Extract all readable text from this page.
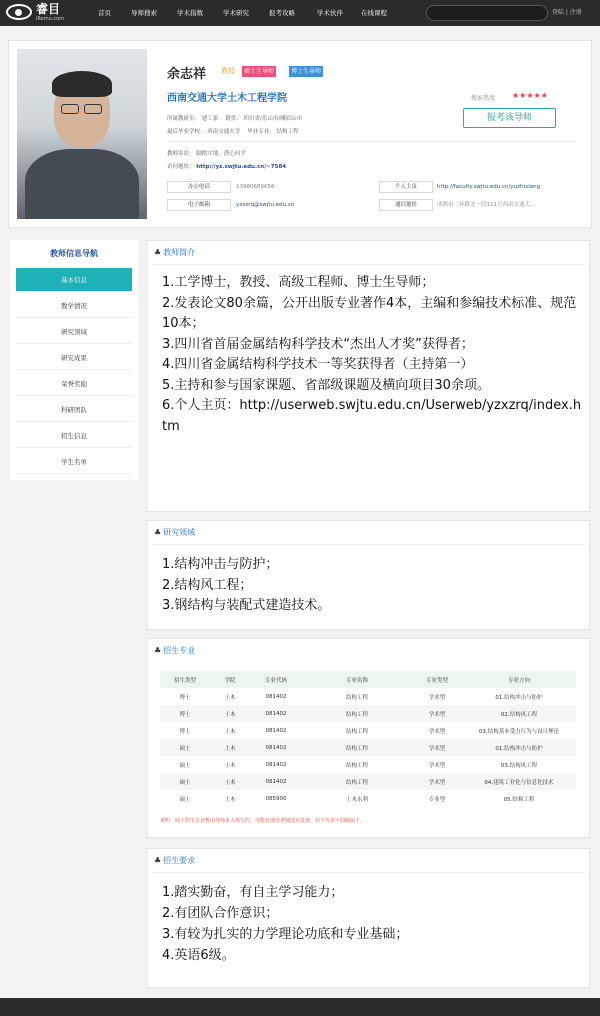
睿目
iRemu.com
首页	导师搜索	学术指数	学术研究	报考攻略	学术伙伴	在线课程	登陆 | 注册
余志祥 教授	硕士生导师	博士生导师
西南交通大学土木工程学院	搜索热度 ★★★★★
报考该导师
所属教研室： 建工系 籍贯： 四川省/乐山市/峨眉山市
最后毕业学校： 西南交通大学 毕业专业： 结构工程
教师寄语： 脚踏实地、潜心向学
访问地址： http://yz.swjtu.edu.cn/~7584
办公电话	13980689658	个人主页	http://faculty.swjtu.edu.cn/yuzhixiang
电子邮箱	yzxzrq@swjtu.edu.cn	通信地址	成都市二环路北一段111号西南交通大...
教师信息导航
基本信息
教学情况
研究领域
研究成果
荣誉奖励
科研团队
招生信息
学生名单
♣ 教师简介
1.工学博士，教授、高级工程师、博士生导师；
2.发表论文80余篇，公开出版专业著作4本，主编和参编技术标准、规范10本；
3.四川省首届金属结构科学技术“杰出人才奖”获得者；
4.四川省金属结构科学技术一等奖获得者（主持第一）
5.主持和参与国家课题、省部级课题及横向项目30余项。
6.个人主页：http://userweb.swjtu.edu.cn/Userweb/yzxzrq/index.htm
♣ 研究领域
1.结构冲击与防护；
2.结构风工程；
3.钢结构与装配式建造技术。
♣ 招生专业
招生类型	学院	专业代码	专业名称	专业类型	专业方向
博士	土木	081402	结构工程	学术型	01.结构冲击与防护
博士	土木	081402	结构工程	学术型	02.结构风工程
博士	土木	081402	结构工程	学术型	03.结构基本受力行为与设计理论
硕士	土木	081402	结构工程	学术型	01.结构冲击与防护
硕士	土木	081402	结构工程	学术型	03.结构风工程
硕士	土木	081402	结构工程	学术型	04.建筑工业化与信息化技术
硕士	土木	085900	土木水利	专业型	05.结构工程
说明：硕士招生专业暂由导师本人填写的，可能有部分老师没有设置，但不代表不招收硕士。
♣ 招生要求
1.踏实勤奋，有自主学习能力；
2.有团队合作意识；
3.有较为扎实的力学理论功底和专业基础；
4.英语6级。
